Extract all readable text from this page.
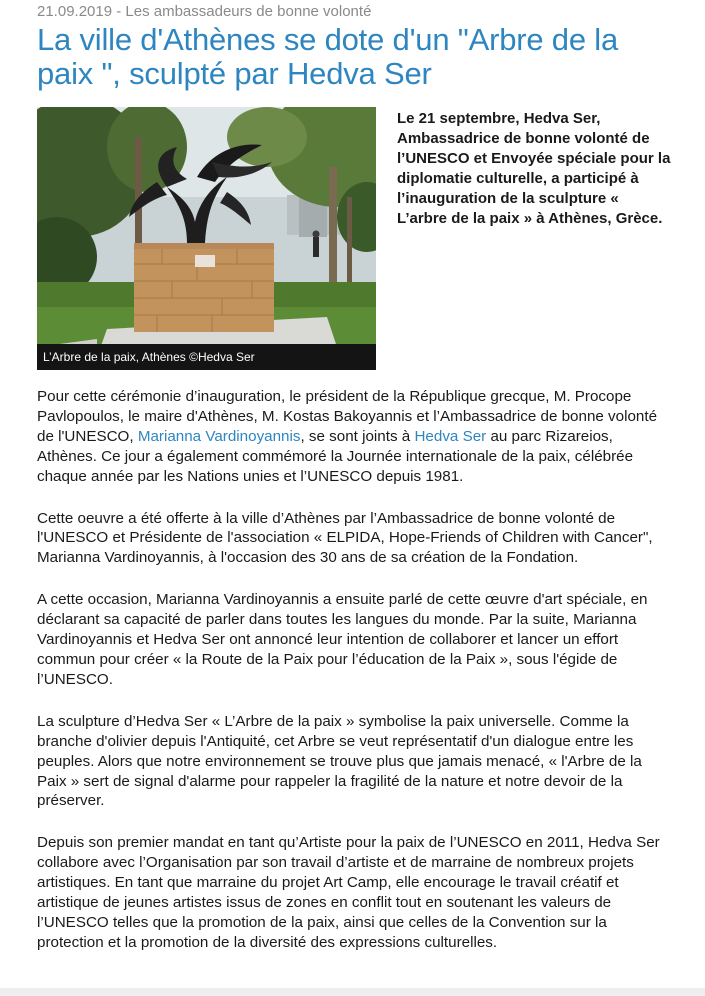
21.09.2019 - Les ambassadeurs de bonne volonté
La ville d'Athènes se dote d'un "Arbre de la paix ", sculpté par Hedva Ser
L’Arbre de la paix, Athènes ©Hedva Ser
Le 21 septembre, Hedva Ser, Ambassadrice de bonne volonté de l’UNESCO et Envoyée spéciale pour la diplomatie culturelle, a participé à l’inauguration de la sculpture « L’arbre de la paix » à Athènes, Grèce.

Pour cette cérémonie d’inauguration, le président de la République grecque, M. Procope Pavlopoulos, le maire d'Athènes, M. Kostas Bakoyannis et l’Ambassadrice de bonne volonté de l'UNESCO, Marianna Vardinoyannis, se sont joints à Hedva Ser au parc Rizareios, Athènes. Ce jour a également commémoré la Journée internationale de la paix, célébrée chaque année par les Nations unies et l’UNESCO depuis 1981.

Cette oeuvre a été offerte à la ville d’Athènes par l’Ambassadrice de bonne volonté de l'UNESCO et Présidente de l'association « ELPIDA, Hope-Friends of Children with Cancer", Marianna Vardinoyannis, à l'occasion des 30 ans de sa création de la Fondation.

A cette occasion, Marianna Vardinoyannis a ensuite parlé de cette œuvre d'art spéciale, en déclarant sa capacité de parler dans toutes les langues du monde. Par la suite, Marianna Vardinoyannis et Hedva Ser ont annoncé leur intention de collaborer et lancer un effort commun pour créer « la Route de la Paix pour l’éducation de la Paix », sous l'égide de l’UNESCO.

La sculpture d’Hedva Ser « L’Arbre de la paix » symbolise la paix universelle. Comme la branche d'olivier depuis l'Antiquité, cet Arbre se veut représentatif d'un dialogue entre les peuples. Alors que notre environnement se trouve plus que jamais menacé, « l'Arbre de la Paix » sert de signal d'alarme pour rappeler la fragilité de la nature et notre devoir de la préserver.

Depuis son premier mandat en tant qu’Artiste pour la paix de l’UNESCO en 2011, Hedva Ser collabore avec l’Organisation par son travail d’artiste et de marraine de nombreux projets artistiques. En tant que marraine du projet Art Camp, elle encourage le travail créatif et artistique de jeunes artistes issus de zones en conflit tout en soutenant les valeurs de l’UNESCO telles que la promotion de la paix, ainsi que celles de la Convention sur la protection et la promotion de la diversité des expressions culturelles.
